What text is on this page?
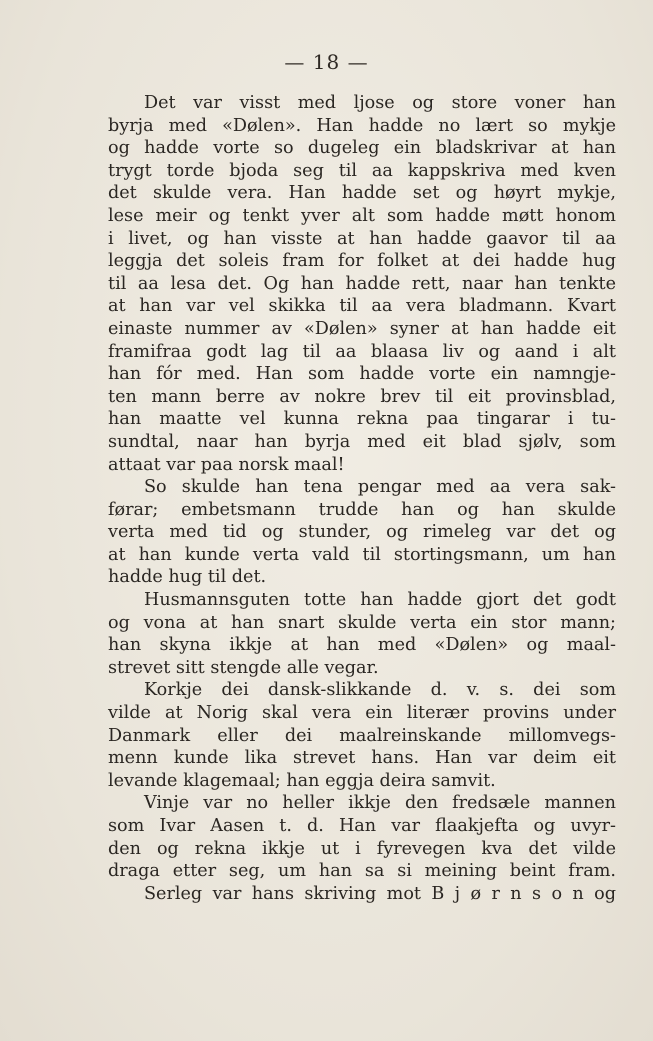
— 18 —
Det var visst med ljose og store voner han
byrja med «Dølen». Han hadde no lært so mykje
og hadde vorte so dugeleg ein bladskrivar at han
trygt torde bjoda seg til aa kappskriva med kven
det skulde vera. Han hadde set og høyrt mykje,
lese meir og tenkt yver alt som hadde møtt honom
i livet, og han visste at han hadde gaavor til aa
leggja det soleis fram for folket at dei hadde hug
til aa lesa det. Og han hadde rett, naar han tenkte
at han var vel skikka til aa vera bladmann. Kvart
einaste nummer av «Dølen» syner at han hadde eit
framifraa godt lag til aa blaasa liv og aand i alt
han fór med. Han som hadde vorte ein namngje-
ten mann berre av nokre brev til eit provinsblad,
han maatte vel kunna rekna paa tingarar i tu-
sundtal, naar han byrja med eit blad sjølv, som
attaat var paa norsk maal!
So skulde han tena pengar med aa vera sak-
førar; embetsmann trudde han og han skulde
verta med tid og stunder, og rimeleg var det og
at han kunde verta vald til stortingsmann, um han
hadde hug til det.
Husmannsguten totte han hadde gjort det godt
og vona at han snart skulde verta ein stor mann;
han skyna ikkje at han med «Dølen» og maal-
strevet sitt stengde alle vegar.
Korkje dei dansk-slikkande d. v. s. dei som
vilde at Norig skal vera ein literær provins under
Danmark eller dei maalreinskande millomvegs-
menn kunde lika strevet hans. Han var deim eit
levande klagemaal; han eggja deira samvit.
Vinje var no heller ikkje den fredsæle mannen
som Ivar Aasen t. d. Han var flaakjefta og uvyr-
den og rekna ikkje ut i fyrevegen kva det vilde
draga etter seg, um han sa si meining beint fram.
Serleg var hans skriving mot B j ø r n s o n og
